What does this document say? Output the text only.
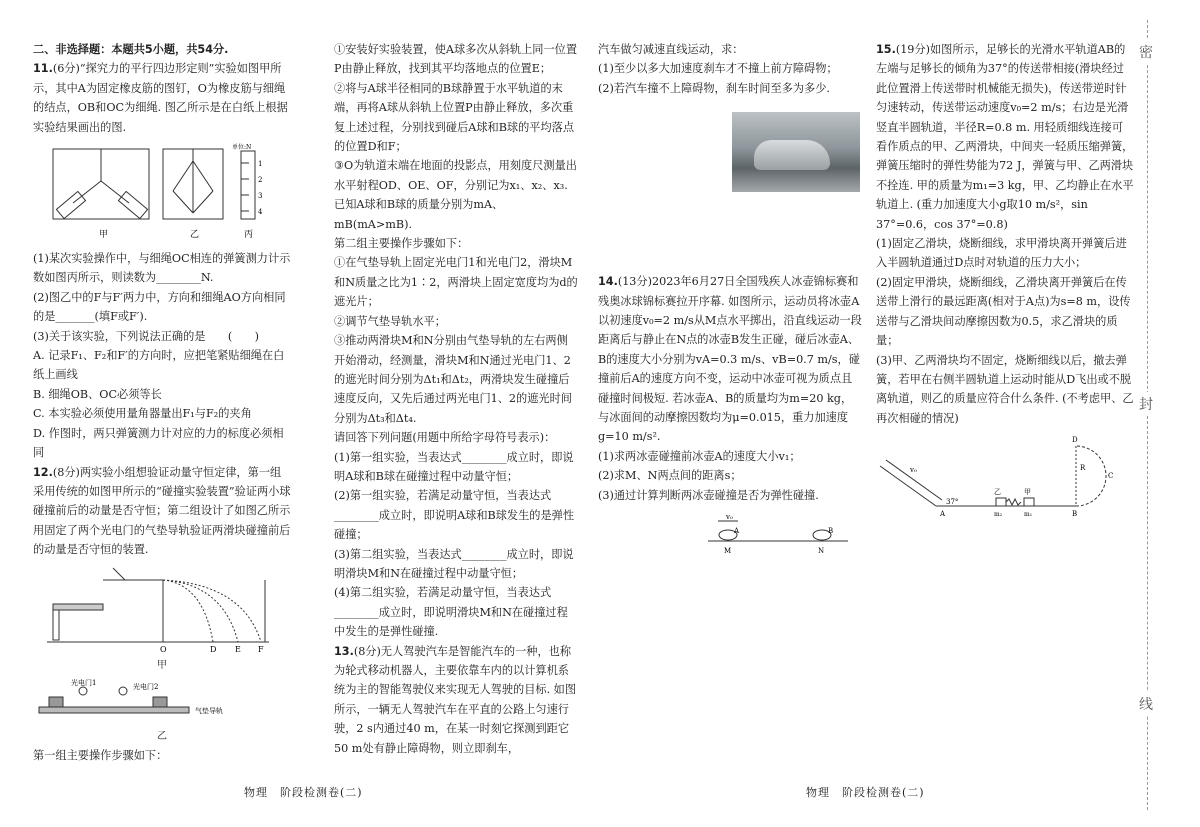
二、非选择题：本题共5小题，共54分.

11.(6分)“探究力的平行四边形定则”实验如图甲所示，其中A为固定橡皮筋的图钉，O为橡皮筋与细绳的结点，OB和OC为细绳. 图乙所示是在白纸上根据实验结果画出的图.

甲	乙
单位:N
1
2
3
4
丙

(1)某次实验操作中，与细绳OC相连的弹簧测力计示数如图丙所示，则读数为________N.

(2)图乙中的F与F′两力中，方向和细绳AO方向相同的是_______(填F或F′).

(3)关于该实验，下列说法正确的是　　(　　)

A. 记录F₁、F₂和F′的方向时，应把笔紧贴细绳在白纸上画线

B. 细绳OB、OC必须等长

C. 本实验必须使用量角器量出F₁与F₂的夹角

D. 作图时，两只弹簧测力计对应的力的标度必须相同

12.(8分)两实验小组想验证动量守恒定律，第一组采用传统的如图甲所示的“碰撞实验装置”验证两小球碰撞前后的动量是否守恒；第二组设计了如图乙所示用固定了两个光电门的气垫导轨验证两滑块碰撞前后的动量是否守恒的装置.

O	D E F
甲
光电门1	光电门2
气垫导轨
乙

第一组主要操作步骤如下：

①安装好实验装置，使A球多次从斜轨上同一位置P由静止释放，找到其平均落地点的位置E；

②将与A球半径相同的B球静置于水平轨道的末端，再将A球从斜轨上位置P由静止释放，多次重复上述过程，分别找到碰后A球和B球的平均落点的位置D和F；

③O为轨道末端在地面的投影点，用刻度尺测量出水平射程OD、OE、OF，分别记为x₁、x₂、x₃. 已知A球和B球的质量分别为mA、mB(mA>mB).

第二组主要操作步骤如下：

①在气垫导轨上固定光电门1和光电门2，滑块M和N质量之比为1∶2，两滑块上固定宽度均为d的遮光片；

②调节气垫导轨水平；

③推动两滑块M和N分别由气垫导轨的左右两侧开始滑动，经测量，滑块M和N通过光电门1、2的遮光时间分别为Δt₁和Δt₂，两滑块发生碰撞后速度反向，又先后通过两光电门1、2的遮光时间分别为Δt₃和Δt₄.

请回答下列问题(用题中所给字母符号表示)：

(1)第一组实验，当表达式________成立时，即说明A球和B球在碰撞过程中动量守恒；

(2)第一组实验，若满足动量守恒，当表达式________成立时，即说明A球和B球发生的是弹性碰撞；

(3)第二组实验，当表达式________成立时，即说明滑块M和N在碰撞过程中动量守恒；

(4)第二组实验，若满足动量守恒，当表达式________成立时，即说明滑块M和N在碰撞过程中发生的是弹性碰撞.

13.(8分)无人驾驶汽车是智能汽车的一种，也称为轮式移动机器人，主要依靠车内的以计算机系统为主的智能驾驶仪来实现无人驾驶的目标. 如图所示，一辆无人驾驶汽车在平直的公路上匀速行驶，2 s内通过40 m，在某一时刻它探测到距它50 m处有静止障碍物，则立即刹车，

汽车做匀减速直线运动，求：

(1)至少以多大加速度刹车才不撞上前方障碍物；

(2)若汽车撞不上障碍物，刹车时间至多为多少.

14.(13分)2023年6月27日全国残疾人冰壶锦标赛和残奥冰球锦标赛拉开序幕. 如图所示，运动员将冰壶A以初速度v₀=2 m/s从M点水平掷出，沿直线运动一段距离后与静止在N点的冰壶B发生正碰，碰后冰壶A、B的速度大小分别为vA=0.3 m/s、vB=0.7 m/s，碰撞前后A的速度方向不变，运动中冰壶可视为质点且碰撞时间极短. 若冰壶A、B的质量均为m=20 kg，与冰面间的动摩擦因数均为μ=0.015，重力加速度g=10 m/s².

(1)求两冰壶碰撞前冰壶A的速度大小v₁；

(2)求M、N两点间的距离s；

(3)通过计算判断两冰壶碰撞是否为弹性碰撞.

v₀
A	B
M	N

15.(19分)如图所示，足够长的光滑水平轨道AB的左端与足够长的倾角为37°的传送带相接(滑块经过此位置滑上传送带时机械能无损失)，传送带逆时针匀速转动，传送带运动速度v₀=2 m/s；右边是光滑竖直半圆轨道，半径R=0.8 m. 用轻质细线连接可看作质点的甲、乙两滑块，中间夹一轻质压缩弹簧，弹簧压缩时的弹性势能为72 J，弹簧与甲、乙两滑块不拴连. 甲的质量为m₁=3 kg，甲、乙均静止在水平轨道上. (重力加速度大小g取10 m/s²，sin 37°=0.6，cos 37°=0.8)

(1)固定乙滑块，烧断细线，求甲滑块离开弹簧后进入半圆轨道通过D点时对轨道的压力大小；

(2)固定甲滑块，烧断细线，乙滑块离开弹簧后在传送带上滑行的最远距离(相对于A点)为s=8 m，设传送带与乙滑块间动摩擦因数为0.5，求乙滑块的质量；

(3)甲、乙两滑块均不固定，烧断细线以后，撤去弹簧，若甲在右侧半圆轨道上运动时能从D飞出或不脱离轨道，则乙的质量应符合什么条件. (不考虑甲、乙再次相碰的情况)

37°
A	B
C
D
R
乙	甲
m₂	m₁
v₀
物理　阶段检测卷(二)	物理　阶段检测卷(二)
密
封
线
